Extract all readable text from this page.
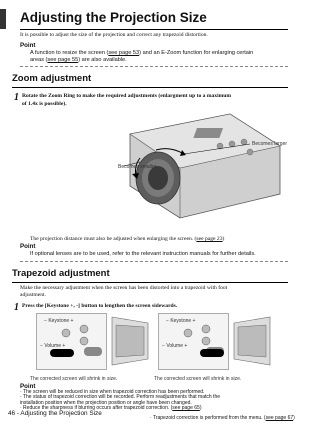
Adjusting the Projection Size
It is possible to adjust the size of the projection and correct any trapezoid distortion.
Point
A function to resize the screen (see page 53) and an E-Zoom function for enlarging certain
areas (see page 55) are also available.
Zoom adjustment
1 Rotate the Zoom Ring to make the required adjustments (enlargment up to a maximum
of 1.4x is possible).
Becomes larger
Becomes smaller
The projection distance must also be adjusted when enlarging the screen. (see page 23)
Point
If optional lenses are to be used, refer to the relevant instruction manuals for further details.
Trapezoid adjustment
Make the necessary adjustment when the screen has been distorted into a trapezoid with foot
adjustment.
1 Press the [Keystone +, -] button to lengthen the screen sidewards.
− Keystone +
− Volume +
The corrected screen will shrink in size.
− Keystone +
− Volume +
The corrected screen will shrink in size.
Point
· The screen will be reduced in size when trapezoid correction has been performed.
· The status of trapezoid correction will be recorded. Perform readjustments that match the
installation position when the projection position or angle have been changed.
· Reduce the sharpness if blurring occurs after trapezoid correction. (see page 65)
46 - Adjusting the Projection Size
· Trapezoid correction is performed from the menu. (see page 67)
